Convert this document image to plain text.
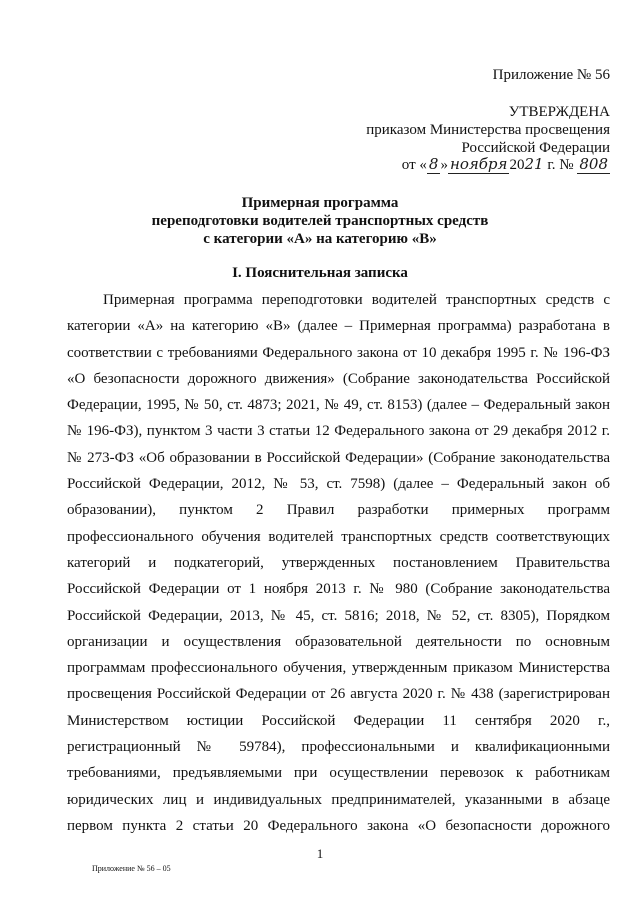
Приложение № 56
УТВЕРЖДЕНА
приказом Министерства просвещения
Российской Федерации
от « 8 » ноября 2021 г. № 808
Примерная программа
переподготовки водителей транспортных средств
с категории «А» на категорию «В»
I. Пояснительная записка

Примерная программа переподготовки водителей транспортных средств с категории «А» на категорию «В» (далее – Примерная программа) разработана в соответствии с требованиями Федерального закона от 10 декабря 1995 г. № 196-ФЗ «О безопасности дорожного движения» (Собрание законодательства Российской Федерации, 1995, № 50, ст. 4873; 2021, № 49, ст. 8153) (далее – Федеральный закон № 196-ФЗ), пунктом 3 части 3 статьи 12 Федерального закона от 29 декабря 2012 г. № 273-ФЗ «Об образовании в Российской Федерации» (Собрание законодательства Российской Федерации, 2012, № 53, ст. 7598) (далее – Федеральный закон об образовании), пунктом 2 Правил разработки примерных программ профессионального обучения водителей транспортных средств соответствующих категорий и подкатегорий, утвержденных постановлением Правительства Российской Федерации от 1 ноября 2013 г. № 980 (Собрание законодательства Российской Федерации, 2013, № 45, ст. 5816; 2018, № 52, ст. 8305), Порядком организации и осуществления образовательной деятельности по основным программам профессионального обучения, утвержденным приказом Министерства просвещения Российской Федерации от 26 августа 2020 г. № 438 (зарегистрирован Министерством юстиции Российской Федерации 11 сентября 2020 г., регистрационный № 59784), профессиональными и квалификационными требованиями, предъявляемыми при осуществлении перевозок к работникам юридических лиц и индивидуальных предпринимателей, указанными в абзаце первом пункта 2 статьи 20 Федерального закона «О безопасности дорожного

1
Приложение № 56 – 05
